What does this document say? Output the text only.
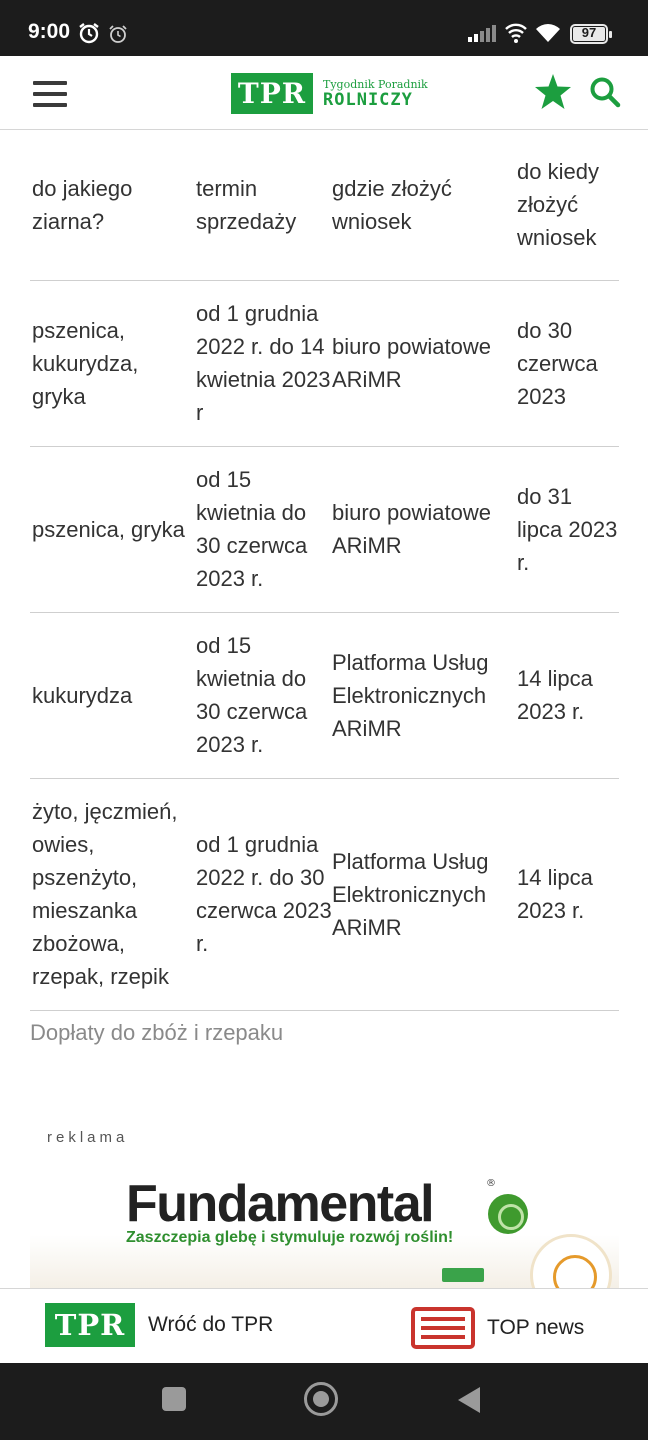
9:00	97
TPR	Tygodnik Poradnik
ROLNICZY
do jakiego ziarna?	termin sprzedaży	gdzie złożyć wniosek	do kiedy złożyć wniosek
pszenica, kukurydza, gryka	od 1 grudnia 2022 r. do 14 kwietnia 2023 r	biuro powiatowe ARiMR	do 30 czerwca 2023
pszenica, gryka	od 15 kwietnia do 30 czerwca 2023 r.	biuro powiatowe ARiMR	do 31 lipca 2023 r.
kukurydza	od 15 kwietnia do 30 czerwca 2023 r.	Platforma Usług Elektronicznych ARiMR	14 lipca 2023 r.
żyto, jęczmień, owies, pszenżyto, mieszanka zbożowa, rzepak, rzepik	od 1 grudnia 2022 r. do 30 czerwca 2023 r.	Platforma Usług Elektronicznych ARiMR	14 lipca 2023 r.
Dopłaty do zbóż i rzepaku
reklama
Fundamental	®
Zaszczepia glebę i stymuluje rozwój roślin!
TPR	Wróć do TPR	TOP news
